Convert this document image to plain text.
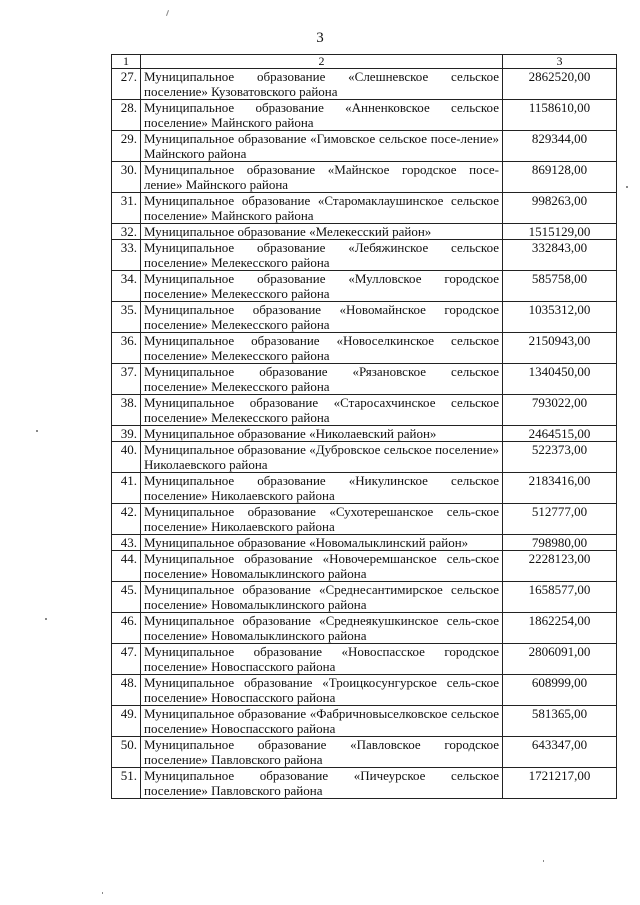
3
1	2	3
27.	Муниципальное образование «Слешневское сельское поселение» Кузоватовского района	2862520,00
28.	Муниципальное образование «Анненковское сельское поселение» Майнского района	1158610,00
29.	Муниципальное образование «Гимовское сельское посе-ление» Майнского района	829344,00
30.	Муниципальное образование «Майнское городское посе-ление» Майнского района	869128,00
31.	Муниципальное образование «Старомаклаушинское сельское поселение» Майнского района	998263,00
32.	Муниципальное образование «Мелекесский район»	1515129,00
33.	Муниципальное образование «Лебяжинское сельское поселение» Мелекесского района	332843,00
34.	Муниципальное образование «Мулловское городское поселение» Мелекесского района	585758,00
35.	Муниципальное образование «Новомайнское городское поселение» Мелекесского района	1035312,00
36.	Муниципальное образование «Новоселкинское сельское поселение» Мелекесского района	2150943,00
37.	Муниципальное образование «Рязановское сельское поселение» Мелекесского района	1340450,00
38.	Муниципальное образование «Старосахчинское сельское поселение» Мелекесского района	793022,00
39.	Муниципальное образование «Николаевский район»	2464515,00
40.	Муниципальное образование «Дубровское сельское поселение» Николаевского района	522373,00
41.	Муниципальное образование «Никулинское сельское поселение» Николаевского района	2183416,00
42.	Муниципальное образование «Сухотерешанское сель-ское поселение» Николаевского района	512777,00
43.	Муниципальное образование «Новомалыклинский район»	798980,00
44.	Муниципальное образование «Новочеремшанское сель-ское поселение» Новомалыклинского района	2228123,00
45.	Муниципальное образование «Среднесантимирское сельское поселение» Новомалыклинского района	1658577,00
46.	Муниципальное образование «Среднеякушкинское сель-ское поселение» Новомалыклинского района	1862254,00
47.	Муниципальное образование «Новоспасское городское поселение» Новоспасского района	2806091,00
48.	Муниципальное образование «Троицкосунгурское сель-ское поселение» Новоспасского района	608999,00
49.	Муниципальное образование «Фабричновыселковское сельское поселение» Новоспасского района	581365,00
50.	Муниципальное образование «Павловское городское поселение» Павловского района	643347,00
51.	Муниципальное образование «Пичеурское сельское поселение» Павловского района	1721217,00
